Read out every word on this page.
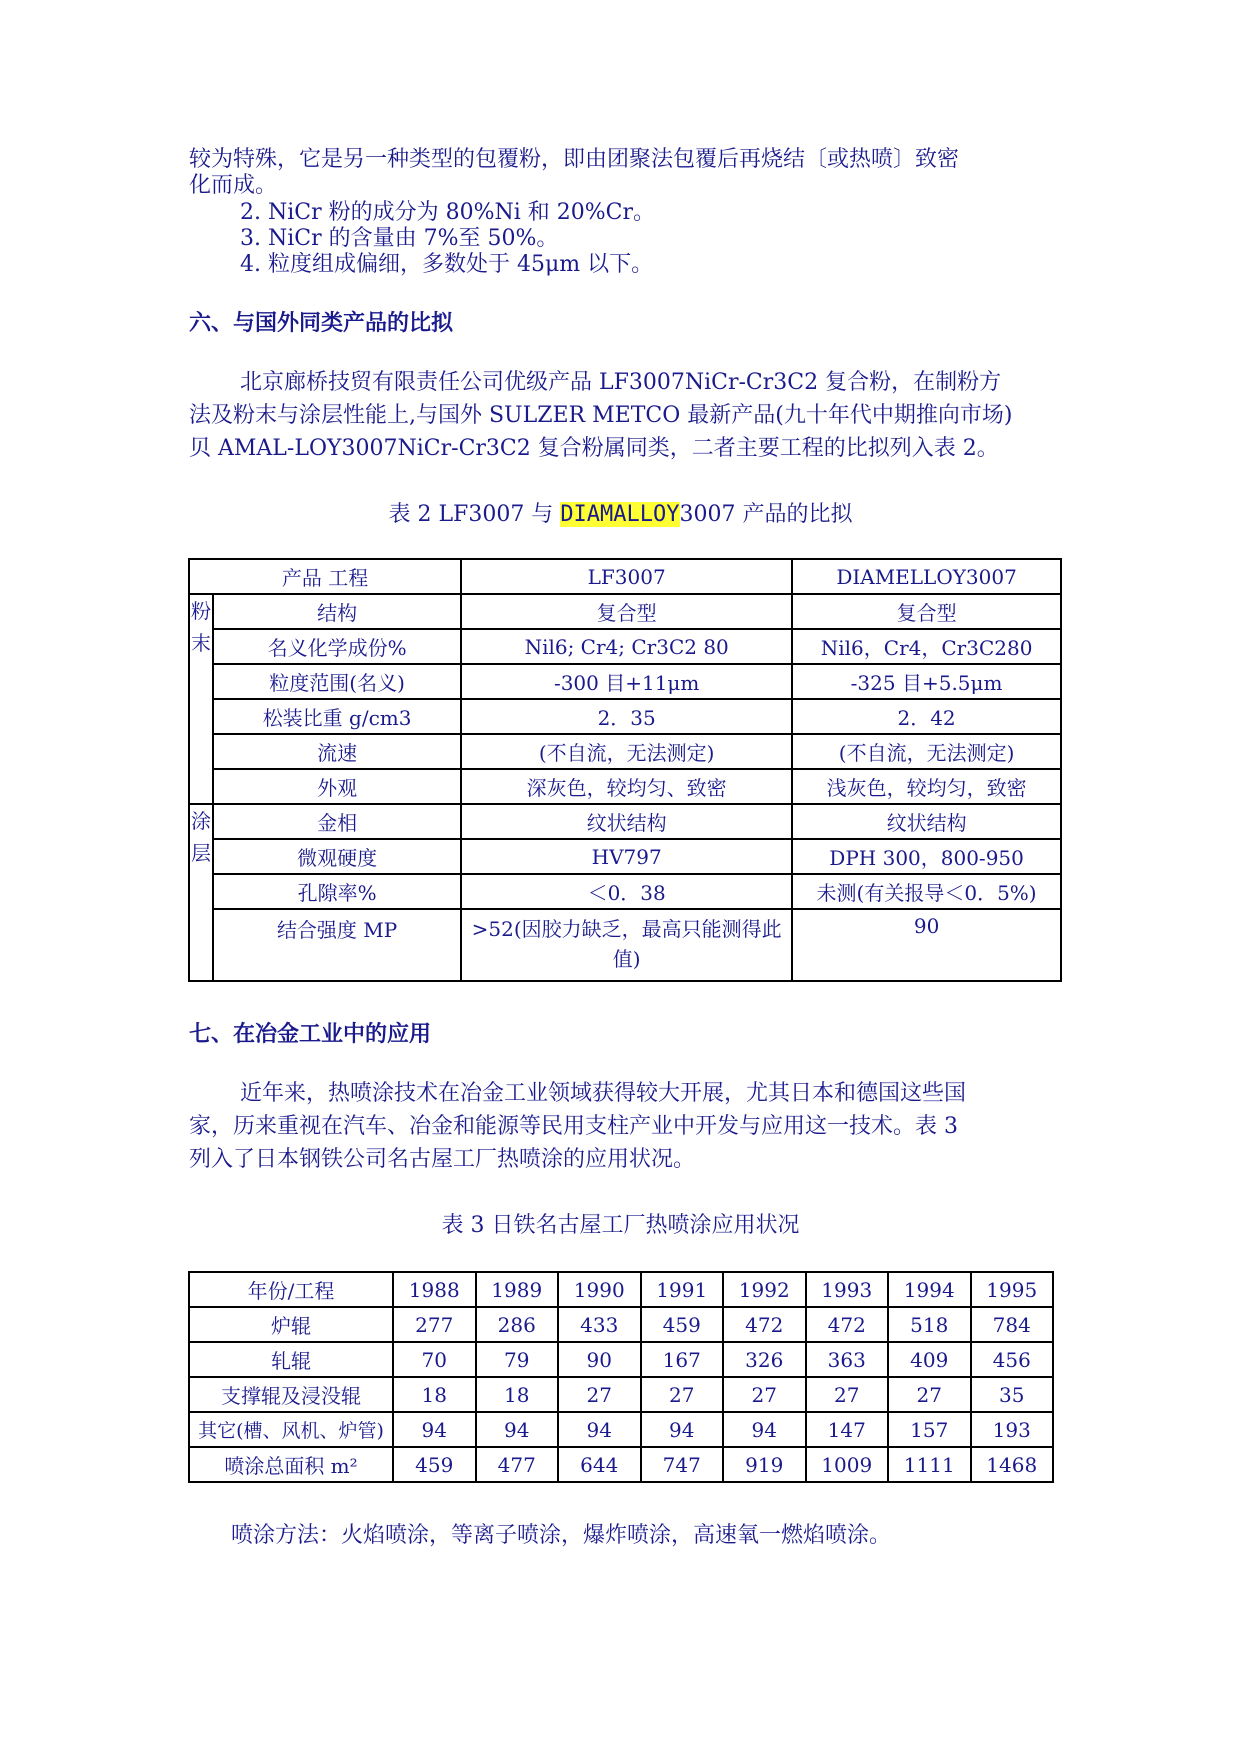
较为特殊，它是另一种类型的包覆粉，即由团聚法包覆后再烧结〔或热喷〕致密
化而成。
2. NiCr 粉的成分为 80%Ni 和 20%Cr。
3. NiCr 的含量由 7%至 50%。
4. 粒度组成偏细，多数处于 45μm 以下。
六、与国外同类产品的比拟
北京廊桥技贸有限责任公司优级产品 LF3007NiCr-Cr3C2 复合粉，在制粉方
法及粉末与涂层性能上,与国外 SULZER METCO 最新产品(九十年代中期推向市场)
贝 AMAL-LOY3007NiCr-Cr3C2 复合粉属同类，二者主要工程的比拟列入表 2。
表 2 LF3007 与 DIAMALLOY3007 产品的比拟
产品 工程		LF3007	DIAMELLOY3007
粉末	结构	复合型	复合型
	名义化学成份%	Nil6; Cr4; Cr3C2 80	Nil6，Cr4，Cr3C280
	粒度范围(名义)	-300 目+11μm	-325 目+5.5μm
	松装比重 g/cm3	2．35	2．42
	流速	(不自流，无法测定)	(不自流，无法测定)
	外观	深灰色，较均匀、致密	浅灰色，较均匀，致密
涂层	金相	纹状结构	纹状结构
	微观硬度	HV797	DPH 300，800-950
	孔隙率%	＜0．38	未测(有关报导＜0．5%)
	结合强度 MP	>52(因胶力缺乏，最高只能测得此值)	90
七、在冶金工业中的应用
近年来，热喷涂技术在冶金工业领域获得较大开展，尤其日本和德国这些国
家，历来重视在汽车、冶金和能源等民用支柱产业中开发与应用这一技术。表 3
列入了日本钢铁公司名古屋工厂热喷涂的应用状况。
表 3 日铁名古屋工厂热喷涂应用状况
年份/工程	1988	1989	1990	1991	1992	1993	1994	1995
炉辊	277	286	433	459	472	472	518	784
轧辊	70	79	90	167	326	363	409	456
支撑辊及浸没辊	18	18	27	27	27	27	27	35
其它(槽、风机、炉管)	94	94	94	94	94	147	157	193
喷涂总面积 m²	459	477	644	747	919	1009	1111	1468
喷涂方法：火焰喷涂，等离子喷涂，爆炸喷涂，高速氧一燃焰喷涂。
